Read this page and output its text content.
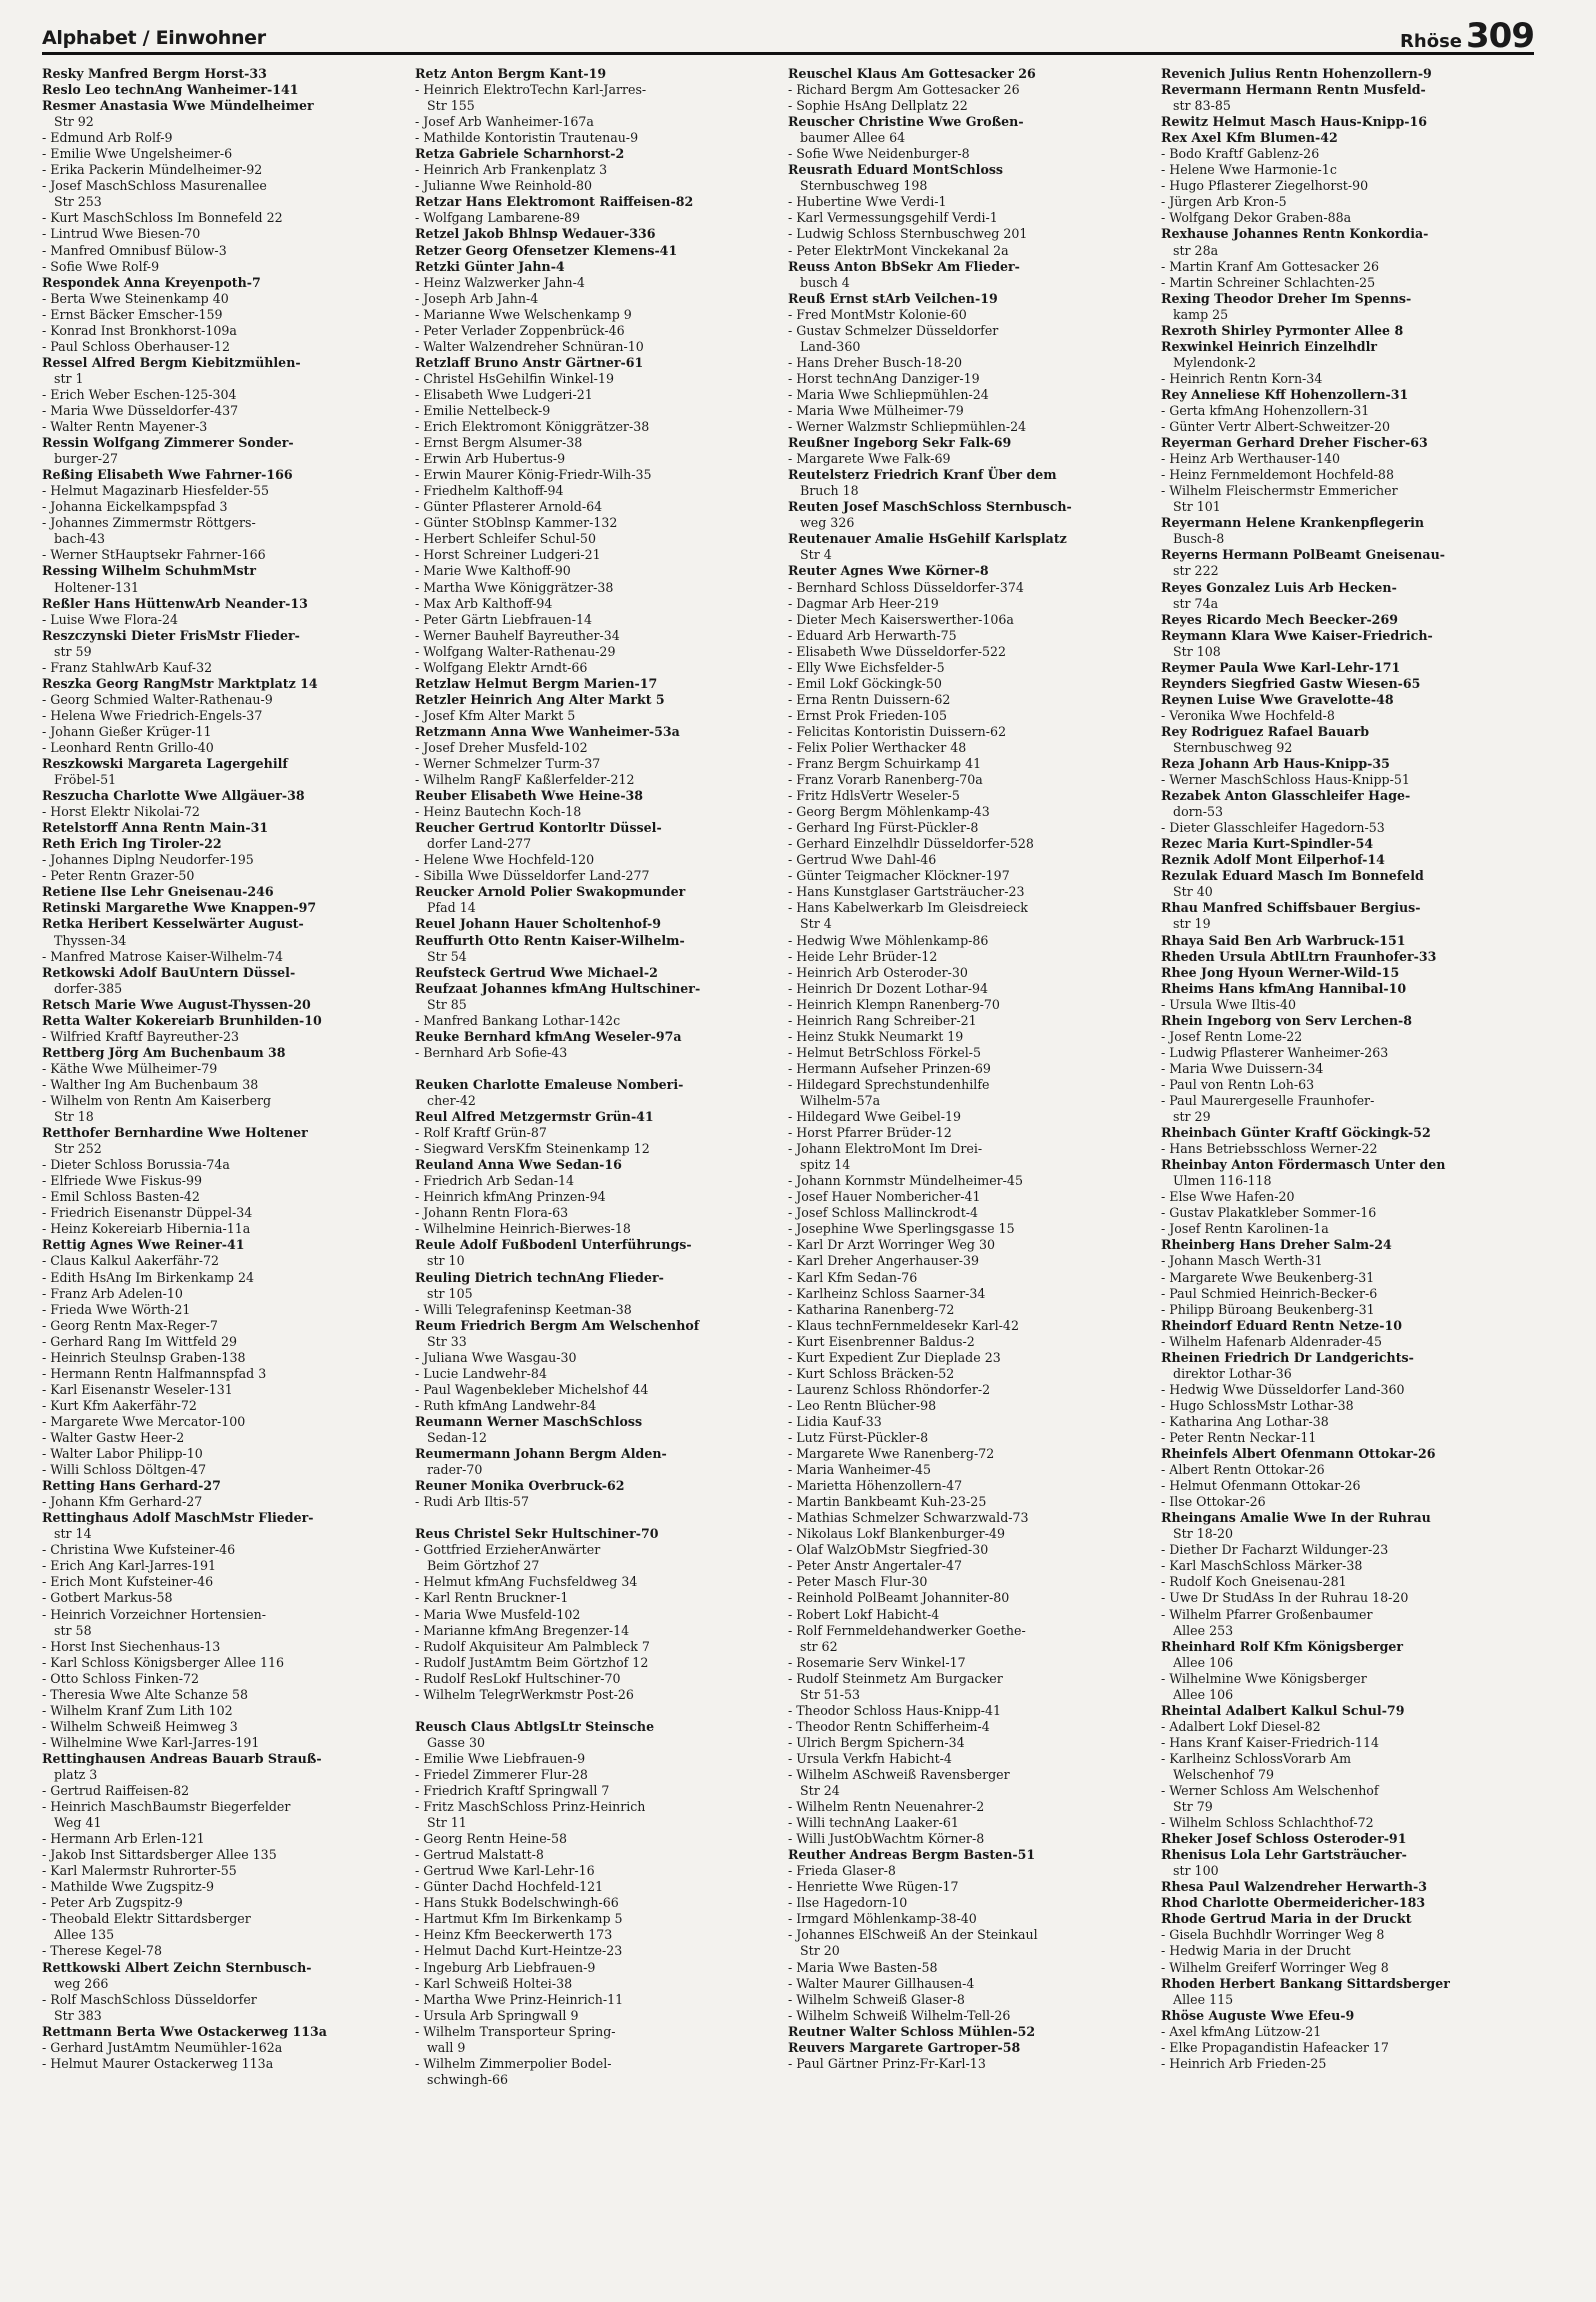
Alphabet / Einwohner	Rhöse 309
Resky Manfred Bergm Horst-33
Reslo Leo technAng Wanheimer-141
Resmer Anastasia Wwe Mündelheimer
Str 92
- Edmund Arb Rolf-9
- Emilie Wwe Ungelsheimer-6
- Erika Packerin Mündelheimer-92
- Josef MaschSchloss Masurenallee
Str 253
- Kurt MaschSchloss Im Bonnefeld 22
- Lintrud Wwe Biesen-70
- Manfred Omnibusf Bülow-3
- Sofie Wwe Rolf-9
Respondek Anna Kreyenpoth-7
- Berta Wwe Steinenkamp 40
- Ernst Bäcker Emscher-159
- Konrad Inst Bronkhorst-109a
- Paul Schloss Oberhauser-12
Ressel Alfred Bergm Kiebitzmühlen-
str 1
- Erich Weber Eschen-125-304
- Maria Wwe Düsseldorfer-437
- Walter Rentn Mayener-3
Ressin Wolfgang Zimmerer Sonder-
burger-27
Reßing Elisabeth Wwe Fahrner-166
- Helmut Magazinarb Hiesfelder-55
- Johanna Eickelkampspfad 3
- Johannes Zimmermstr Röttgers-
bach-43
- Werner StHauptsekr Fahrner-166
Ressing Wilhelm SchuhmMstr
Holtener-131
Reßler Hans HüttenwArb Neander-13
- Luise Wwe Flora-24
Reszczynski Dieter FrisMstr Flieder-
str 59
- Franz StahlwArb Kauf-32
Reszka Georg RangMstr Marktplatz 14
- Georg Schmied Walter-Rathenau-9
- Helena Wwe Friedrich-Engels-37
- Johann Gießer Krüger-11
- Leonhard Rentn Grillo-40
Reszkowski Margareta Lagergehilf
Fröbel-51
Reszucha Charlotte Wwe Allgäuer-38
- Horst Elektr Nikolai-72
Retelstorff Anna Rentn Main-31
Reth Erich Ing Tiroler-22
- Johannes Diplng Neudorfer-195
- Peter Rentn Grazer-50
Retiene Ilse Lehr Gneisenau-246
Retinski Margarethe Wwe Knappen-97
Retka Heribert Kesselwärter August-
Thyssen-34
- Manfred Matrose Kaiser-Wilhelm-74
Retkowski Adolf BauUntern Düssel-
dorfer-385
Retsch Marie Wwe August-Thyssen-20
Retta Walter Kokereiarb Brunhilden-10
- Wilfried Kraftf Bayreuther-23
Rettberg Jörg Am Buchenbaum 38
- Käthe Wwe Mülheimer-79
- Walther Ing Am Buchenbaum 38
- Wilhelm von Rentn Am Kaiserberg
Str 18
Retthofer Bernhardine Wwe Holtener
Str 252
- Dieter Schloss Borussia-74a
- Elfriede Wwe Fiskus-99
- Emil Schloss Basten-42
- Friedrich Eisenanstr Düppel-34
- Heinz Kokereiarb Hibernia-11a
Rettig Agnes Wwe Reiner-41
- Claus Kalkul Aakerfähr-72
- Edith HsAng Im Birkenkamp 24
- Franz Arb Adelen-10
- Frieda Wwe Wörth-21
- Georg Rentn Max-Reger-7
- Gerhard Rang Im Wittfeld 29
- Heinrich Steulnsp Graben-138
- Hermann Rentn Halfmannspfad 3
- Karl Eisenanstr Weseler-131
- Kurt Kfm Aakerfähr-72
- Margarete Wwe Mercator-100
- Walter Gastw Heer-2
- Walter Labor Philipp-10
- Willi Schloss Döltgen-47
Retting Hans Gerhard-27
- Johann Kfm Gerhard-27
Rettinghaus Adolf MaschMstr Flieder-
str 14
- Christina Wwe Kufsteiner-46
- Erich Ang Karl-Jarres-191
- Erich Mont Kufsteiner-46
- Gotbert Markus-58
- Heinrich Vorzeichner Hortensien-
str 58
- Horst Inst Siechenhaus-13
- Karl Schloss Königsberger Allee 116
- Otto Schloss Finken-72
- Theresia Wwe Alte Schanze 58
- Wilhelm Kranf Zum Lith 102
- Wilhelm Schweiß Heimweg 3
- Wilhelmine Wwe Karl-Jarres-191
Rettinghausen Andreas Bauarb Strauß-
platz 3
- Gertrud Raiffeisen-82
- Heinrich MaschBaumstr Biegerfelder
Weg 41
- Hermann Arb Erlen-121
- Jakob Inst Sittardsberger Allee 135
- Karl Malermstr Ruhrorter-55
- Mathilde Wwe Zugspitz-9
- Peter Arb Zugspitz-9
- Theobald Elektr Sittardsberger
Allee 135
- Therese Kegel-78
Rettkowski Albert Zeichn Sternbusch-
weg 266
- Rolf MaschSchloss Düsseldorfer
Str 383
Rettmann Berta Wwe Ostackerweg 113a
- Gerhard JustAmtm Neumühler-162a
- Helmut Maurer Ostackerweg 113a
Retz Anton Bergm Kant-19
- Heinrich ElektroTechn Karl-Jarres-
Str 155
- Josef Arb Wanheimer-167a
- Mathilde Kontoristin Trautenau-9
Retza Gabriele Scharnhorst-2
- Heinrich Arb Frankenplatz 3
- Julianne Wwe Reinhold-80
Retzar Hans Elektromont Raiffeisen-82
- Wolfgang Lambarene-89
Retzel Jakob Bhlnsp Wedauer-336
Retzer Georg Ofensetzer Klemens-41
Retzki Günter Jahn-4
- Heinz Walzwerker Jahn-4
- Joseph Arb Jahn-4
- Marianne Wwe Welschenkamp 9
- Peter Verlader Zoppenbrück-46
- Walter Walzendreher Schnüran-10
Retzlaff Bruno Anstr Gärtner-61
- Christel HsGehilfin Winkel-19
- Elisabeth Wwe Ludgeri-21
- Emilie Nettelbeck-9
- Erich Elektromont Königgrätzer-38
- Ernst Bergm Alsumer-38
- Erwin Arb Hubertus-9
- Erwin Maurer König-Friedr-Wilh-35
- Friedhelm Kalthoff-94
- Günter Pflasterer Arnold-64
- Günter StOblnsp Kammer-132
- Herbert Schleifer Schul-50
- Horst Schreiner Ludgeri-21
- Marie Wwe Kalthoff-90
- Martha Wwe Königgrätzer-38
- Max Arb Kalthoff-94
- Peter Gärtn Liebfrauen-14
- Werner Bauhelf Bayreuther-34
- Wolfgang Walter-Rathenau-29
- Wolfgang Elektr Arndt-66
Retzlaw Helmut Bergm Marien-17
Retzler Heinrich Ang Alter Markt 5
- Josef Kfm Alter Markt 5
Retzmann Anna Wwe Wanheimer-53a
- Josef Dreher Musfeld-102
- Werner Schmelzer Turm-37
- Wilhelm RangF Kaßlerfelder-212
Reuber Elisabeth Wwe Heine-38
- Heinz Bautechn Koch-18
Reucher Gertrud Kontorltr Düssel-
dorfer Land-277
- Helene Wwe Hochfeld-120
- Sibilla Wwe Düsseldorfer Land-277
Reucker Arnold Polier Swakopmunder
Pfad 14
Reuel Johann Hauer Scholtenhof-9
Reuffurth Otto Rentn Kaiser-Wilhelm-
Str 54
Reufsteck Gertrud Wwe Michael-2
Reufzaat Johannes kfmAng Hultschiner-
Str 85
- Manfred Bankang Lothar-142c
Reuke Bernhard kfmAng Weseler-97a
- Bernhard Arb Sofie-43

Reuken Charlotte Emaleuse Nomberi-
cher-42
Reul Alfred Metzgermstr Grün-41
- Rolf Kraftf Grün-87
- Siegward VersKfm Steinenkamp 12
Reuland Anna Wwe Sedan-16
- Friedrich Arb Sedan-14
- Heinrich kfmAng Prinzen-94
- Johann Rentn Flora-63
- Wilhelmine Heinrich-Bierwes-18
Reule Adolf Fußbodenl Unterführungs-
str 10
Reuling Dietrich technAng Flieder-
str 105
- Willi Telegrafeninsp Keetman-38
Reum Friedrich Bergm Am Welschenhof
Str 33
- Juliana Wwe Wasgau-30
- Lucie Landwehr-84
- Paul Wagenbekleber Michelshof 44
- Ruth kfmAng Landwehr-84
Reumann Werner MaschSchloss
Sedan-12
Reumermann Johann Bergm Alden-
rader-70
Reuner Monika Overbruck-62
- Rudi Arb Iltis-57

Reus Christel Sekr Hultschiner-70
- Gottfried ErzieherAnwärter
Beim Görtzhof 27
- Helmut kfmAng Fuchsfeldweg 34
- Karl Rentn Bruckner-1
- Maria Wwe Musfeld-102
- Marianne kfmAng Bregenzer-14
- Rudolf Akquisiteur Am Palmbleck 7
- Rudolf JustAmtm Beim Görtzhof 12
- Rudolf ResLokf Hultschiner-70
- Wilhelm TelegrWerkmstr Post-26

Reusch Claus AbtlgsLtr Steinsche
Gasse 30
- Emilie Wwe Liebfrauen-9
- Friedel Zimmerer Flur-28
- Friedrich Kraftf Springwall 7
- Fritz MaschSchloss Prinz-Heinrich
Str 11
- Georg Rentn Heine-58
- Gertrud Malstatt-8
- Gertrud Wwe Karl-Lehr-16
- Günter Dachd Hochfeld-121
- Hans Stukk Bodelschwingh-66
- Hartmut Kfm Im Birkenkamp 5
- Heinz Kfm Beeckerwerth 173
- Helmut Dachd Kurt-Heintze-23
- Ingeburg Arb Liebfrauen-9
- Karl Schweiß Holtei-38
- Martha Wwe Prinz-Heinrich-11
- Ursula Arb Springwall 9
- Wilhelm Transporteur Spring-
wall 9
- Wilhelm Zimmerpolier Bodel-
schwingh-66
Reuschel Klaus Am Gottesacker 26
- Richard Bergm Am Gottesacker 26
- Sophie HsAng Dellplatz 22
Reuscher Christine Wwe Großen-
baumer Allee 64
- Sofie Wwe Neidenburger-8
Reusrath Eduard MontSchloss
Sternbuschweg 198
- Hubertine Wwe Verdi-1
- Karl Vermessungsgehilf Verdi-1
- Ludwig Schloss Sternbuschweg 201
- Peter ElektrMont Vinckekanal 2a
Reuss Anton BbSekr Am Flieder-
busch 4
Reuß Ernst stArb Veilchen-19
- Fred MontMstr Kolonie-60
- Gustav Schmelzer Düsseldorfer
Land-360
- Hans Dreher Busch-18-20
- Horst technAng Danziger-19
- Maria Wwe Schliepmühlen-24
- Maria Wwe Mülheimer-79
- Werner Walzmstr Schliepmühlen-24
Reußner Ingeborg Sekr Falk-69
- Margarete Wwe Falk-69
Reutelsterz Friedrich Kranf Über dem
Bruch 18
Reuten Josef MaschSchloss Sternbusch-
weg 326
Reutenauer Amalie HsGehilf Karlsplatz
Str 4
Reuter Agnes Wwe Körner-8
- Bernhard Schloss Düsseldorfer-374
- Dagmar Arb Heer-219
- Dieter Mech Kaiserswerther-106a
- Eduard Arb Herwarth-75
- Elisabeth Wwe Düsseldorfer-522
- Elly Wwe Eichsfelder-5
- Emil Lokf Göckingk-50
- Erna Rentn Duissern-62
- Ernst Prok Frieden-105
- Felicitas Kontoristin Duissern-62
- Felix Polier Werthacker 48
- Franz Bergm Schuirkamp 41
- Franz Vorarb Ranenberg-70a
- Fritz HdlsVertr Weseler-5
- Georg Bergm Möhlenkamp-43
- Gerhard Ing Fürst-Pückler-8
- Gerhard Einzelhdlr Düsseldorfer-528
- Gertrud Wwe Dahl-46
- Günter Teigmacher Klöckner-197
- Hans Kunstglaser Gartsträucher-23
- Hans Kabelwerkarb Im Gleisdreieck
Str 4
- Hedwig Wwe Möhlenkamp-86
- Heide Lehr Brüder-12
- Heinrich Arb Osteroder-30
- Heinrich Dr Dozent Lothar-94
- Heinrich Klempn Ranenberg-70
- Heinrich Rang Schreiber-21
- Heinz Stukk Neumarkt 19
- Helmut BetrSchloss Förkel-5
- Hermann Aufseher Prinzen-69
- Hildegard Sprechstundenhilfe
Wilhelm-57a
- Hildegard Wwe Geibel-19
- Horst Pfarrer Brüder-12
- Johann ElektroMont Im Drei-
spitz 14
- Johann Kornmstr Mündelheimer-45
- Josef Hauer Nombericher-41
- Josef Schloss Mallinckrodt-4
- Josephine Wwe Sperlingsgasse 15
- Karl Dr Arzt Worringer Weg 30
- Karl Dreher Angerhauser-39
- Karl Kfm Sedan-76
- Karlheinz Schloss Saarner-34
- Katharina Ranenberg-72
- Klaus technFernmeldesekr Karl-42
- Kurt Eisenbrenner Baldus-2
- Kurt Expedient Zur Dieplade 23
- Kurt Schloss Bräcken-52
- Laurenz Schloss Rhöndorfer-2
- Leo Rentn Blücher-98
- Lidia Kauf-33
- Lutz Fürst-Pückler-8
- Margarete Wwe Ranenberg-72
- Maria Wanheimer-45
- Marietta Höhenzollern-47
- Martin Bankbeamt Kuh-23-25
- Mathias Schmelzer Schwarzwald-73
- Nikolaus Lokf Blankenburger-49
- Olaf WalzObMstr Siegfried-30
- Peter Anstr Angertaler-47
- Peter Masch Flur-30
- Reinhold PolBeamt Johanniter-80
- Robert Lokf Habicht-4
- Rolf Fernmeldehandwerker Goethe-
str 62
- Rosemarie Serv Winkel-17
- Rudolf Steinmetz Am Burgacker
Str 51-53
- Theodor Schloss Haus-Knipp-41
- Theodor Rentn Schifferheim-4
- Ulrich Bergm Spichern-34
- Ursula Verkfn Habicht-4
- Wilhelm ASchweiß Ravensberger
Str 24
- Wilhelm Rentn Neuenahrer-2
- Willi technAng Laaker-61
- Willi JustObWachtm Körner-8
Reuther Andreas Bergm Basten-51
- Frieda Glaser-8
- Henriette Wwe Rügen-17
- Ilse Hagedorn-10
- Irmgard Möhlenkamp-38-40
- Johannes ElSchweiß An der Steinkaul
Str 20
- Maria Wwe Basten-58
- Walter Maurer Gillhausen-4
- Wilhelm Schweiß Glaser-8
- Wilhelm Schweiß Wilhelm-Tell-26
Reutner Walter Schloss Mühlen-52
Reuvers Margarete Gartroper-58
- Paul Gärtner Prinz-Fr-Karl-13
Revenich Julius Rentn Hohenzollern-9
Revermann Hermann Rentn Musfeld-
str 83-85
Rewitz Helmut Masch Haus-Knipp-16
Rex Axel Kfm Blumen-42
- Bodo Kraftf Gablenz-26
- Helene Wwe Harmonie-1c
- Hugo Pflasterer Ziegelhorst-90
- Jürgen Arb Kron-5
- Wolfgang Dekor Graben-88a
Rexhause Johannes Rentn Konkordia-
str 28a
- Martin Kranf Am Gottesacker 26
- Martin Schreiner Schlachten-25
Rexing Theodor Dreher Im Spenns-
kamp 25
Rexroth Shirley Pyrmonter Allee 8
Rexwinkel Heinrich Einzelhdlr
Mylendonk-2
- Heinrich Rentn Korn-34
Rey Anneliese Kff Hohenzollern-31
- Gerta kfmAng Hohenzollern-31
- Günter Vertr Albert-Schweitzer-20
Reyerman Gerhard Dreher Fischer-63
- Heinz Arb Werthauser-140
- Heinz Fernmeldemont Hochfeld-88
- Wilhelm Fleischermstr Emmericher
Str 101
Reyermann Helene Krankenpflegerin
Busch-8
Reyerns Hermann PolBeamt Gneisenau-
str 222
Reyes Gonzalez Luis Arb Hecken-
str 74a
Reyes Ricardo Mech Beecker-269
Reymann Klara Wwe Kaiser-Friedrich-
Str 108
Reymer Paula Wwe Karl-Lehr-171
Reynders Siegfried Gastw Wiesen-65
Reynen Luise Wwe Gravelotte-48
- Veronika Wwe Hochfeld-8
Rey Rodriguez Rafael Bauarb
Sternbuschweg 92
Reza Johann Arb Haus-Knipp-35
- Werner MaschSchloss Haus-Knipp-51
Rezabek Anton Glasschleifer Hage-
dorn-53
- Dieter Glasschleifer Hagedorn-53
Rezec Maria Kurt-Spindler-54
Reznik Adolf Mont Eilperhof-14
Rezulak Eduard Masch Im Bonnefeld
Str 40
Rhau Manfred Schiffsbauer Bergius-
str 19
Rhaya Said Ben Arb Warbruck-151
Rheden Ursula AbtlLtrn Fraunhofer-33
Rhee Jong Hyoun Werner-Wild-15
Rheims Hans kfmAng Hannibal-10
- Ursula Wwe Iltis-40
Rhein Ingeborg von Serv Lerchen-8
- Josef Rentn Lome-22
- Ludwig Pflasterer Wanheimer-263
- Maria Wwe Duissern-34
- Paul von Rentn Loh-63
- Paul Maurergeselle Fraunhofer-
str 29
Rheinbach Günter Kraftf Göckingk-52
- Hans Betriebsschloss Werner-22
Rheinbay Anton Fördermasch Unter den
Ulmen 116-118
- Else Wwe Hafen-20
- Gustav Plakatkleber Sommer-16
- Josef Rentn Karolinen-1a
Rheinberg Hans Dreher Salm-24
- Johann Masch Werth-31
- Margarete Wwe Beukenberg-31
- Paul Schmied Heinrich-Becker-6
- Philipp Büroang Beukenberg-31
Rheindorf Eduard Rentn Netze-10
- Wilhelm Hafenarb Aldenrader-45
Rheinen Friedrich Dr Landgerichts-
direktor Lothar-36
- Hedwig Wwe Düsseldorfer Land-360
- Hugo SchlossMstr Lothar-38
- Katharina Ang Lothar-38
- Peter Rentn Neckar-11
Rheinfels Albert Ofenmann Ottokar-26
- Albert Rentn Ottokar-26
- Helmut Ofenmann Ottokar-26
- Ilse Ottokar-26
Rheingans Amalie Wwe In der Ruhrau
Str 18-20
- Diether Dr Facharzt Wildunger-23
- Karl MaschSchloss Märker-38
- Rudolf Koch Gneisenau-281
- Uwe Dr StudAss In der Ruhrau 18-20
- Wilhelm Pfarrer Großenbaumer
Allee 253
Rheinhard Rolf Kfm Königsberger
Allee 106
- Wilhelmine Wwe Königsberger
Allee 106
Rheintal Adalbert Kalkul Schul-79
- Adalbert Lokf Diesel-82
- Hans Kranf Kaiser-Friedrich-114
- Karlheinz SchlossVorarb Am
Welschenhof 79
- Werner Schloss Am Welschenhof
Str 79
- Wilhelm Schloss Schlachthof-72
Rheker Josef Schloss Osteroder-91
Rhenisus Lola Lehr Gartsträucher-
str 100
Rhesa Paul Walzendreher Herwarth-3
Rhod Charlotte Obermeidericher-183
Rhode Gertrud Maria in der Druckt
- Gisela Buchhdlr Worringer Weg 8
- Hedwig Maria in der Drucht
- Wilhelm Greiferf Worringer Weg 8
Rhoden Herbert Bankang Sittardsberger
Allee 115
Rhöse Auguste Wwe Efeu-9
- Axel kfmAng Lützow-21
- Elke Propagandistin Hafeacker 17
- Heinrich Arb Frieden-25
